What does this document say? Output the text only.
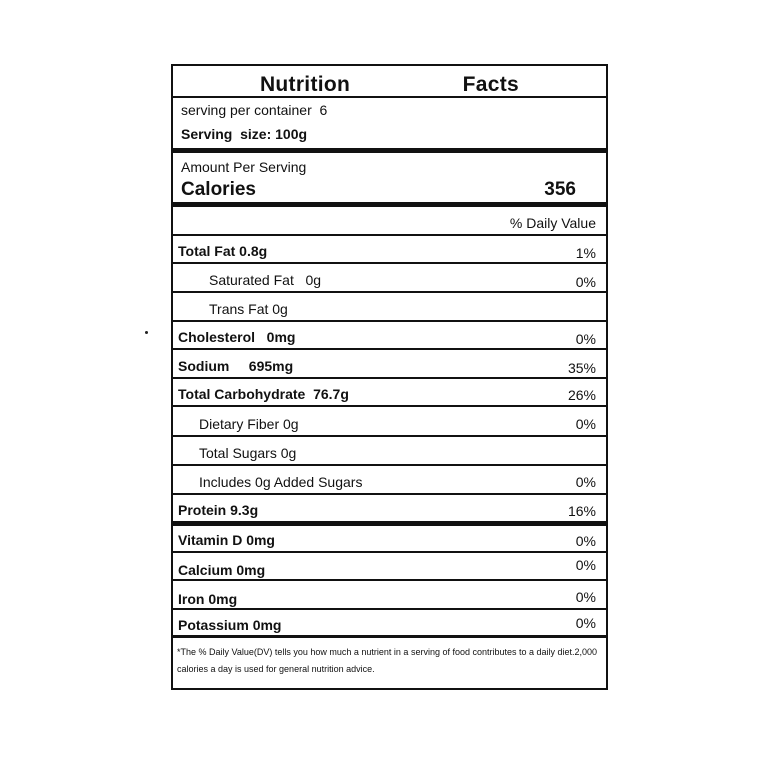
Nutrition    Facts
serving per container  6
Serving  size: 100g
Amount Per Serving
Calories	356
% Daily Value
Total Fat 0.8g	1%
Saturated Fat   0g	0%
Trans Fat 0g
Cholesterol   0mg	0%
Sodium     695mg	35%
Total Carbohydrate  76.7g	26%
Dietary Fiber 0g	0%
Total Sugars 0g
Includes 0g Added Sugars	0%
Protein 9.3g	16%
Vitamin D 0mg	0%
Calcium 0mg	0%
Iron 0mg	0%
Potassium 0mg	0%
*The % Daily Value(DV) tells you how much a nutrient in a serving of food contributes to a daily diet.2,000 calories a day is used for general nutrition advice.
